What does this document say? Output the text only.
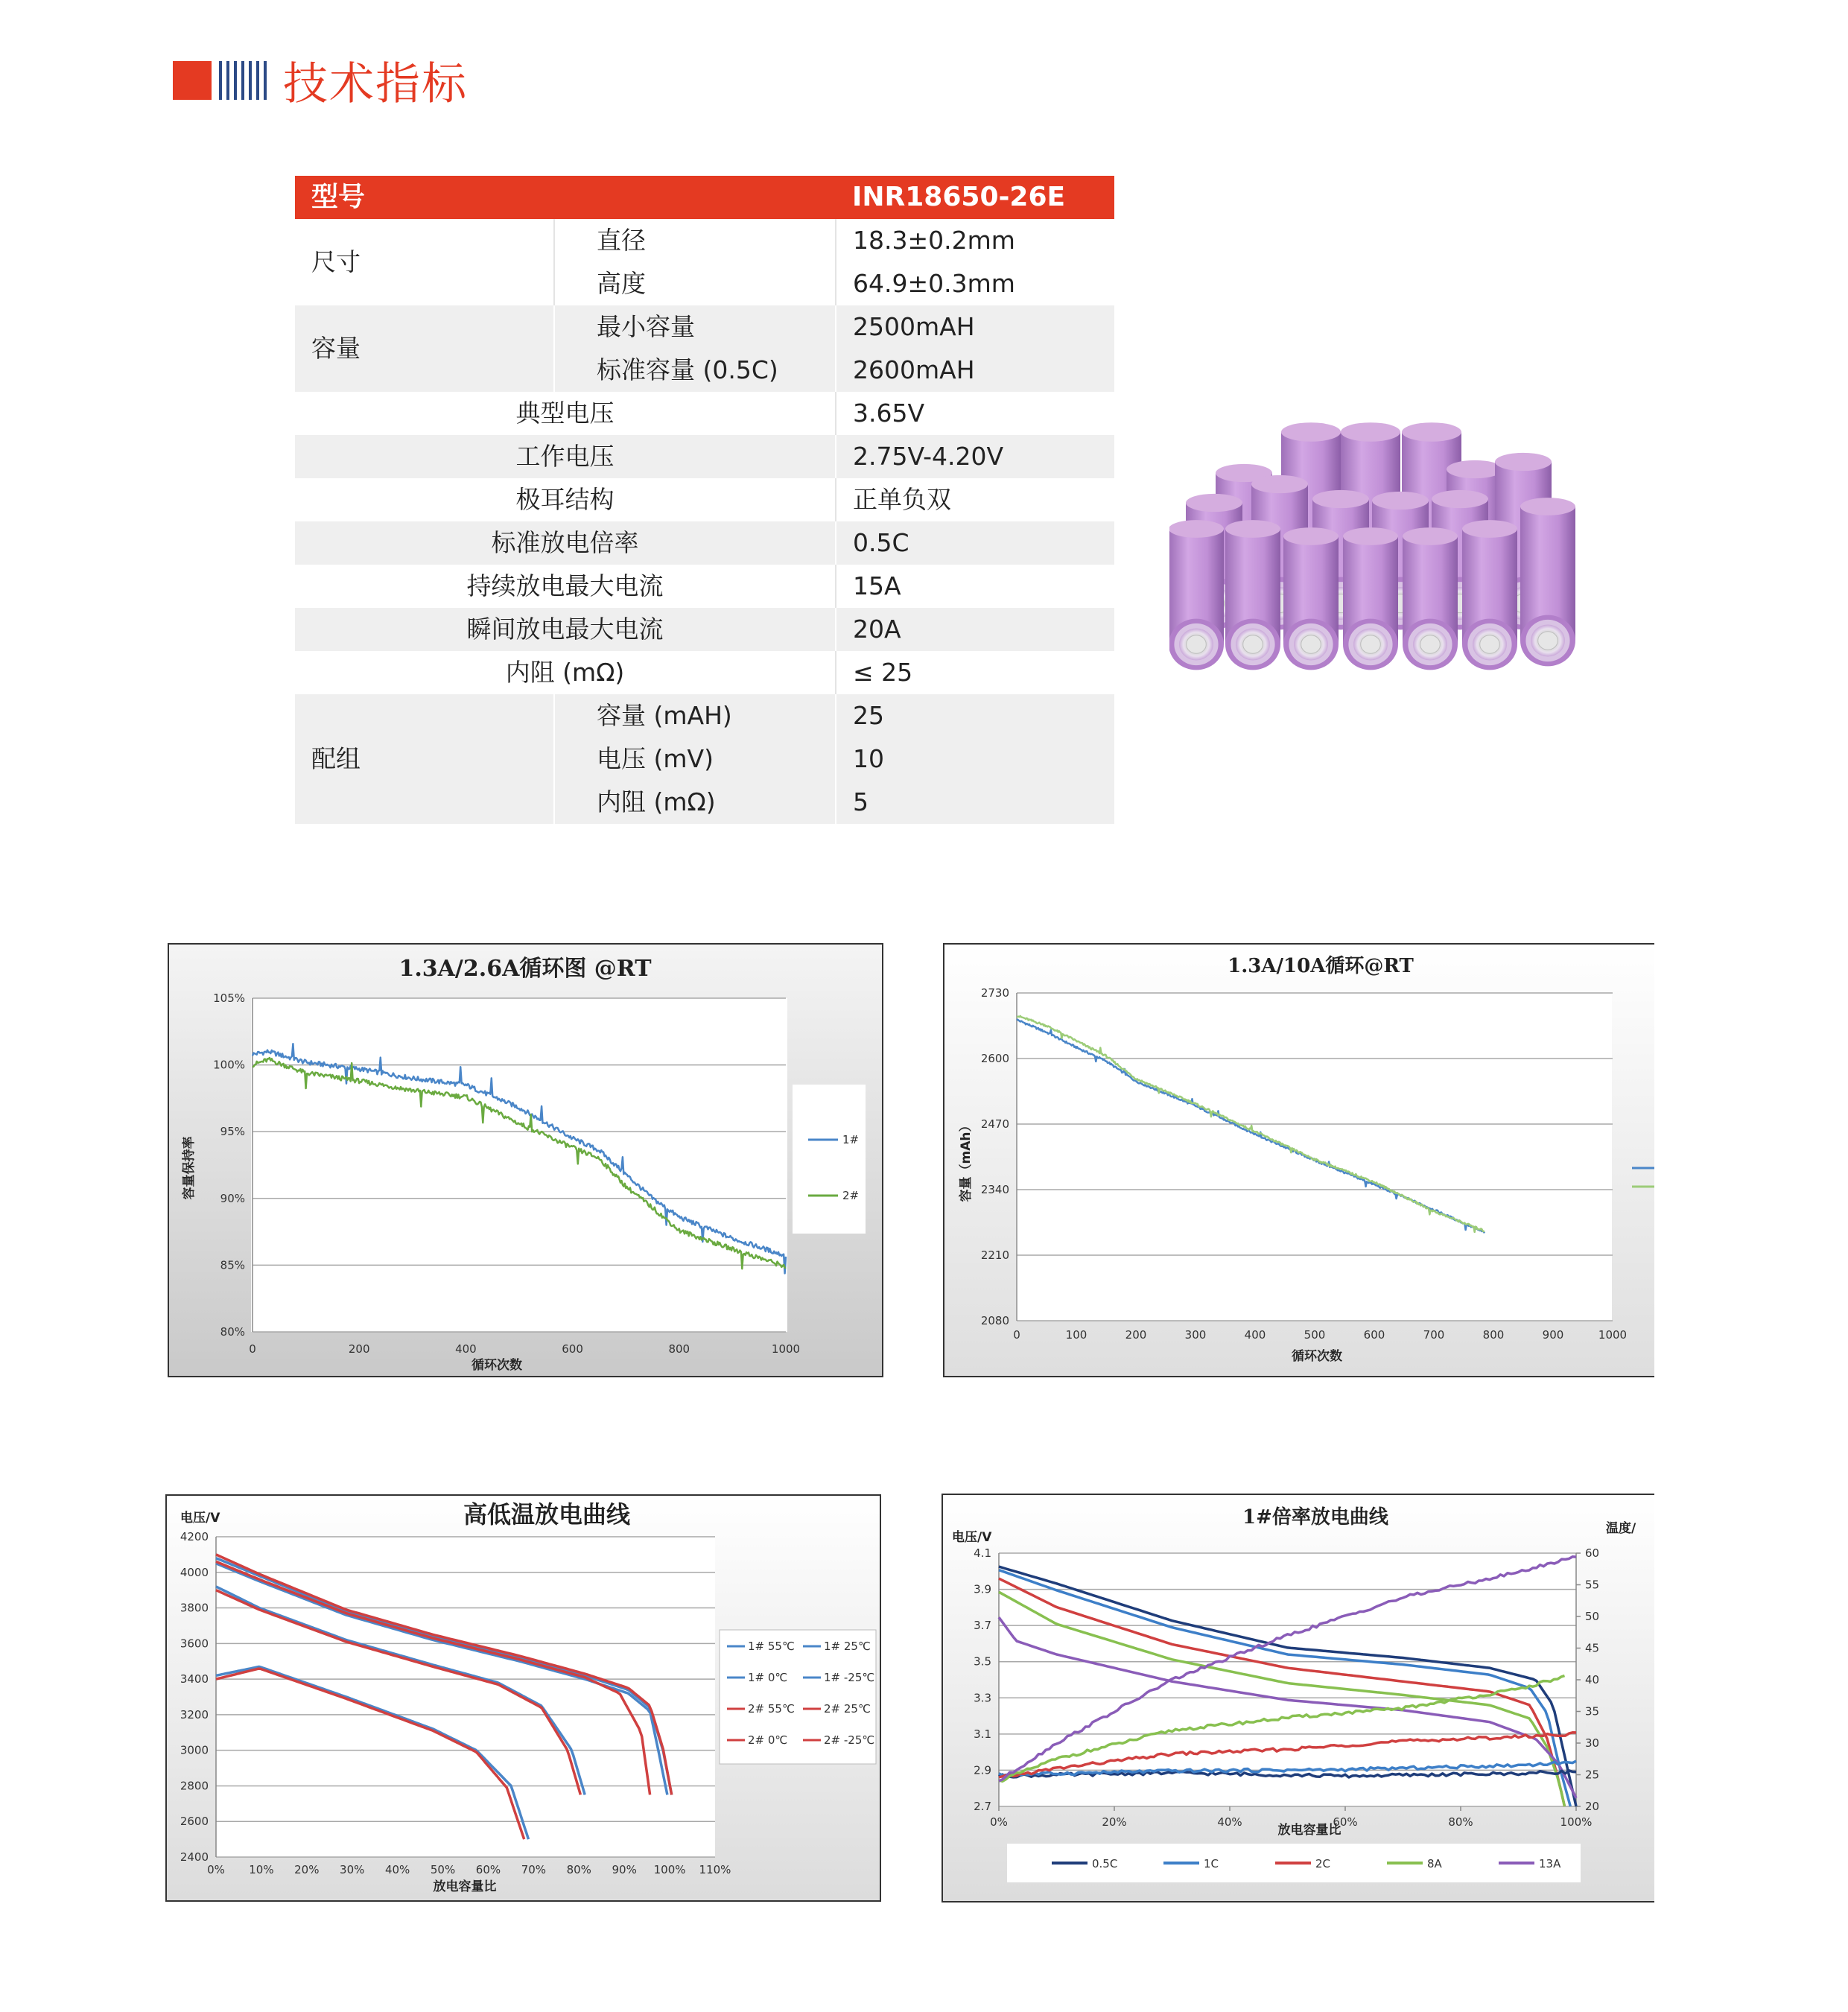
技术指标
型号		INR18650-26E
尺寸	直径	18.3±0.2mm
	高度	64.9±0.3mm
容量	最小容量	2500mAH
	标准容量 (0.5C)	2600mAH
典型电压		3.65V
工作电压		2.75V-4.20V
极耳结构		正单负双
标准放电倍率		0.5C
持续放电最大电流		15A
瞬间放电最大电流		20A
内阻 (mΩ)		≤ 25
配组	容量 (mAH)	25
	电压 (mV)	10
	内阻 (mΩ)	5
1.3A/2.6A循环图 @RT
80%
85%
90%
95%
100%
105%
0	200	400	600	800	1000
1#
2#
循环次数
容量保持率
1.3A/10A循环@RT
2080
2210
2340
2470
2600
2730
0	100	200	300	400	500	600	700	800	900	1000
循环次数
容量（mAh）
高低温放电曲线
电压/V
2400
2600
2800
3000
3200
3400
3600
3800
4000
4200
0% 10% 20% 30% 40% 50% 60% 70% 80% 90% 100% 110%
1# 55℃	1# 25℃
1# 0℃	1# -25℃
2# 55℃	2# 25℃
2# 0℃	2# -25℃
放电容量比
1#倍率放电曲线
电压/V
温度/
2.7
2.9
3.1
3.3
3.5
3.7
3.9
4.1
0%	20%	40%	60%	80%	100%
20
25
30
35
40
45
50
55
60
0.5C	1C	2C	8A	13A
放电容量比
